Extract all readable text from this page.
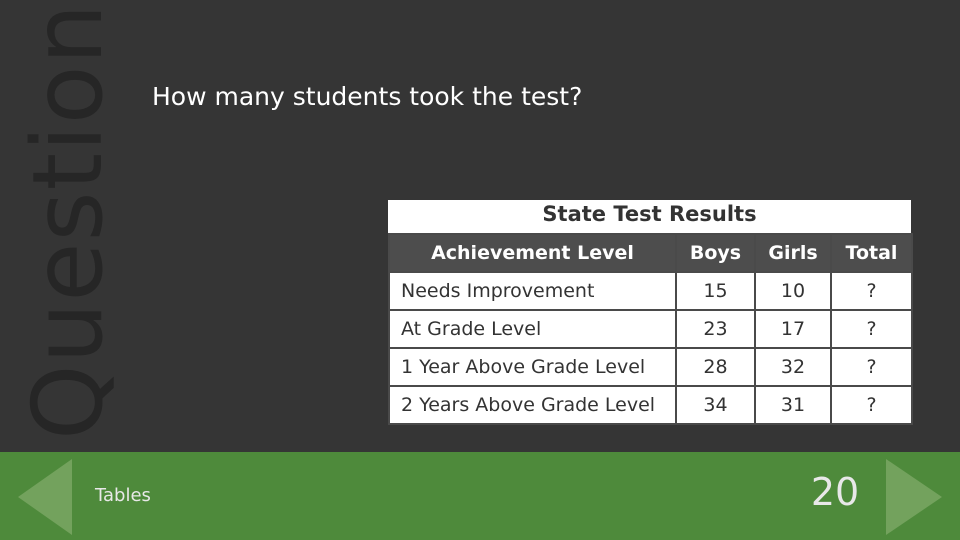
Question How many students took the test?
State Test Results
Achievement Level	Boys	Girls	Total
Needs Improvement	15	10	?
At Grade Level	23	17	?
1 Year Above Grade Level	28	32	?
2 Years Above Grade Level	34	31	?
Tables	20
